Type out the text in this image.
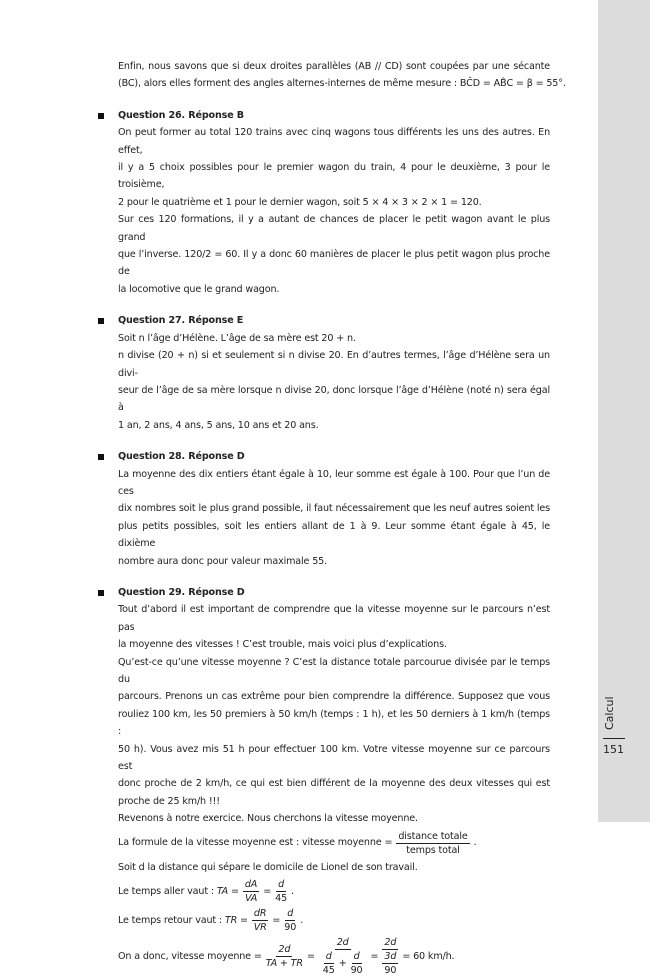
Enfin, nous savons que si deux droites parallèles (AB // CD) sont coupées par une sécante
(BC), alors elles forment des angles alternes-internes de même mesure : BĈD = AB̂C = β = 55°.
Question 26. Réponse B
On peut former au total 120 trains avec cinq wagons tous différents les uns des autres. En effet,
il y a 5 choix possibles pour le premier wagon du train, 4 pour le deuxième, 3 pour le troisième,
2 pour le quatrième et 1 pour le dernier wagon, soit 5 × 4 × 3 × 2 × 1 = 120.
Sur ces 120 formations, il y a autant de chances de placer le petit wagon avant le plus grand
que l’inverse. 120/2 = 60. Il y a donc 60 manières de placer le plus petit wagon plus proche de
la locomotive que le grand wagon.
Question 27. Réponse E
Soit n l’âge d’Hélène. L’âge de sa mère est 20 + n.
n divise (20 + n) si et seulement si n divise 20. En d’autres termes, l’âge d’Hélène sera un divi-
seur de l’âge de sa mère lorsque n divise 20, donc lorsque l’âge d’Hélène (noté n) sera égal à
1 an, 2 ans, 4 ans, 5 ans, 10 ans et 20 ans.
Question 28. Réponse D
La moyenne des dix entiers étant égale à 10, leur somme est égale à 100. Pour que l’un de ces
dix nombres soit le plus grand possible, il faut nécessairement que les neuf autres soient les
plus petits possibles, soit les entiers allant de 1 à 9. Leur somme étant égale à 45, le dixième
nombre aura donc pour valeur maximale 55.
Question 29. Réponse D
Tout d’abord il est important de comprendre que la vitesse moyenne sur le parcours n’est pas
la moyenne des vitesses ! C’est trouble, mais voici plus d’explications.
Qu’est-ce qu’une vitesse moyenne ? C’est la distance totale parcourue divisée par le temps du
parcours. Prenons un cas extrême pour bien comprendre la différence. Supposez que vous
rouliez 100 km, les 50 premiers à 50 km/h (temps : 1 h), et les 50 derniers à 1 km/h (temps :
50 h). Vous avez mis 51 h pour effectuer 100 km. Votre vitesse moyenne sur ce parcours est
donc proche de 2 km/h, ce qui est bien différent de la moyenne des deux vitesses qui est
proche de 25 km/h !!!
Revenons à notre exercice. Nous cherchons la vitesse moyenne.
La formule de la vitesse moyenne est : vitesse moyenne = $\frac{\text{distance totale}}{\text{temps total}}$ .
Soit d la distance qui sépare le domicile de Lionel de son travail.
Le temps aller vaut :
TA = $\frac{dA}{VA} = \frac{d}{45}$ .
Le temps retour vaut :
TR = $\frac{dR}{VR} = \frac{d}{90}$ .
On a donc, vitesse moyenne = $\frac{2d}{TA + TR} = \frac{2d}{\frac{d}{45} + \frac{d}{90}} = \frac{2d}{\frac{3d}{90}} = 60$ km/h.
Calcul
151
